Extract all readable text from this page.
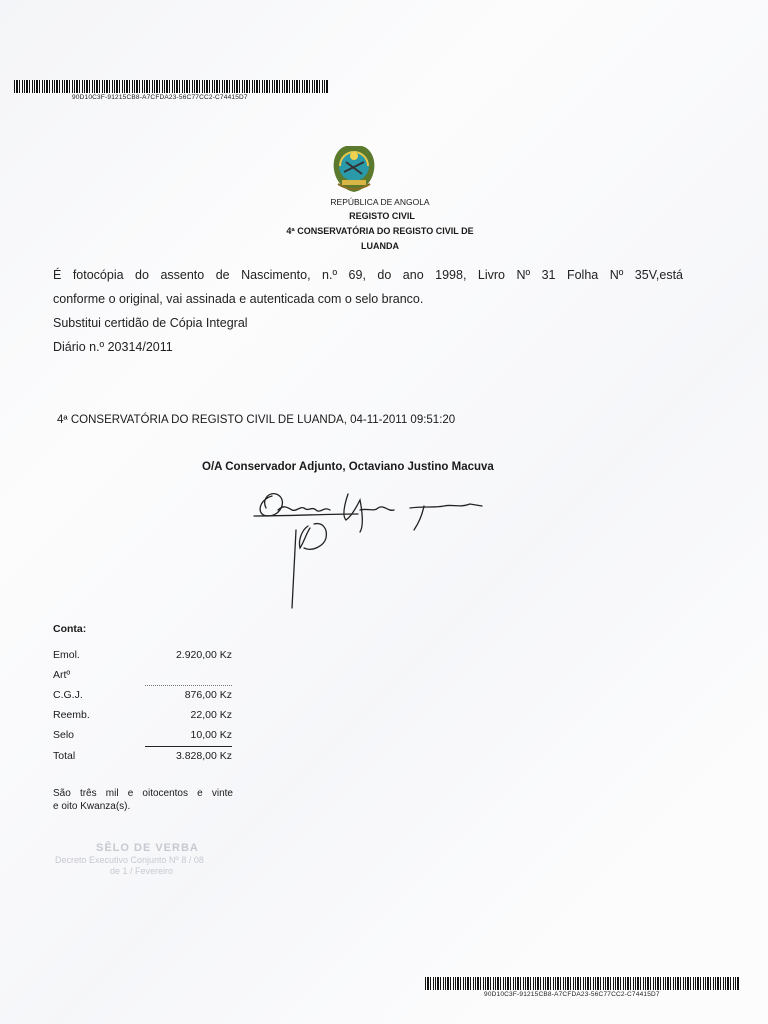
90D10C3F-91215CB8-A7CFDA23-56C77CC2-C74415D7
REPÚBLICA DE ANGOLA
REGISTO CIVIL
4ª CONSERVATÓRIA DO REGISTO CIVIL DE
LUANDA
É fotocópia do assento de Nascimento, n.º 69, do ano 1998, Livro Nº 31 Folha Nº 35V,está
conforme o original, vai assinada e autenticada com o selo branco.
Substitui certidão de Cópia Integral
Diário n.º 20314/2011
4ª CONSERVATÓRIA DO REGISTO CIVIL DE LUANDA, 04-11-2011 09:51:20
O/A Conservador Adjunto, Octaviano Justino Macuva
Conta:
Emol.	2.920,00 Kz
Artº
C.G.J.	876,00 Kz
Reemb.	22,00 Kz
Selo	10,00 Kz
Total	3.828,00 Kz
São três mil e oitocentos e vinte
e oito Kwanza(s).
SÊLO DE VERBA
Decreto Executivo Conjunto Nº 8 / 08
de 1 / Fevereiro
90D10C3F-91215CB8-A7CFDA23-56C77CC2-C74415D7
